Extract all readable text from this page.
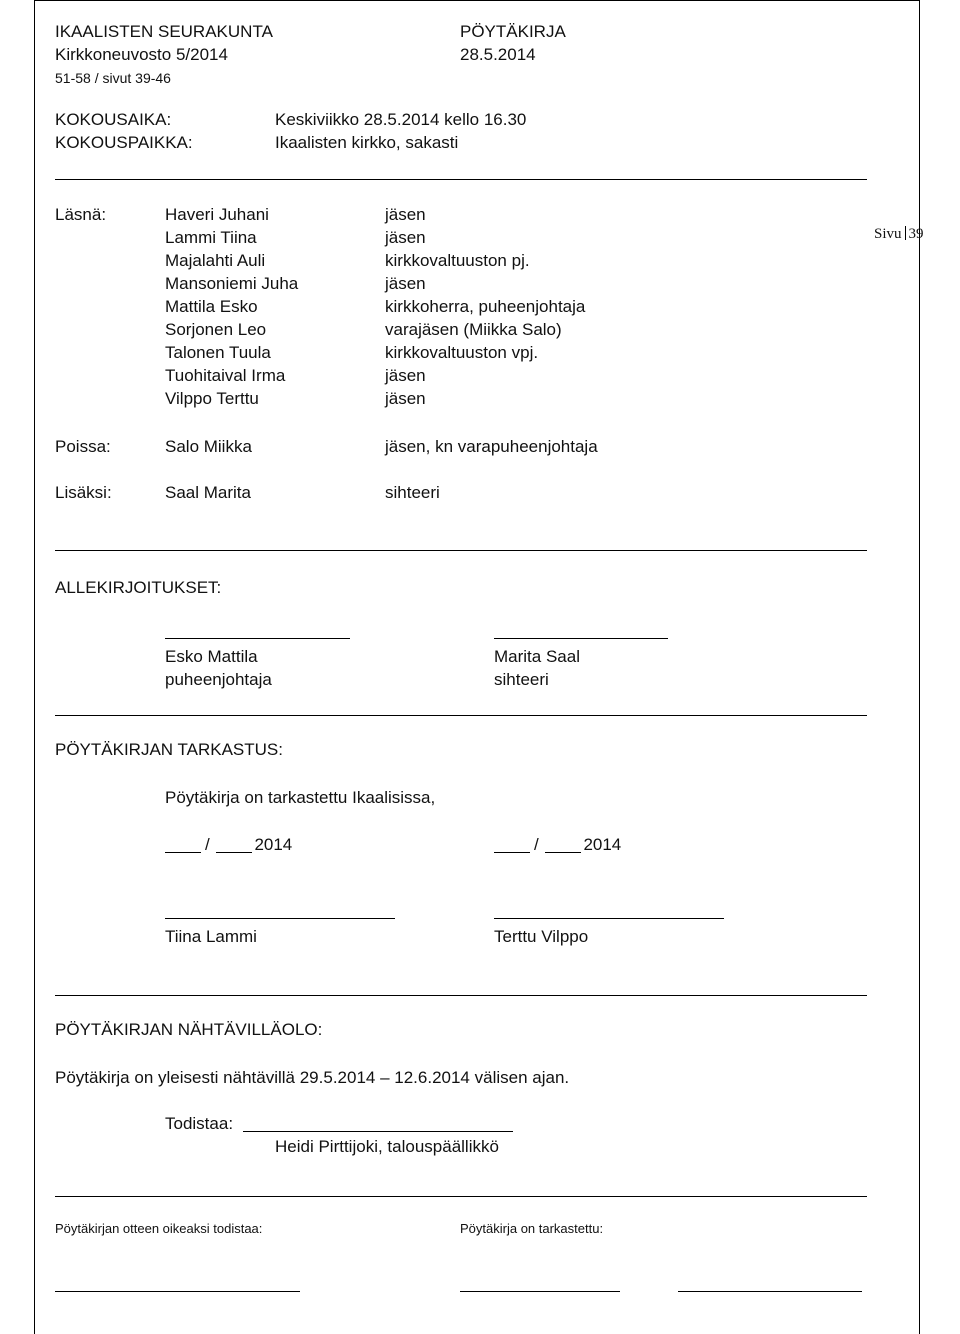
IKAALISTEN SEURAKUNTA	PÖYTÄKIRJA
Kirkkoneuvosto 5/2014	28.5.2014
51-58 / sivut 39-46
KOKOUSAIKA:	Keskiviikko 28.5.2014 kello 16.30
KOKOUSPAIKKA:	Ikaalisten kirkko, sakasti
Sivu 39
Läsnä:	Haveri Juhani	jäsen
Lammi Tiina	jäsen
Majalahti Auli	kirkkovaltuuston pj.
Mansoniemi Juha	jäsen
Mattila Esko	kirkkoherra, puheenjohtaja
Sorjonen Leo	varajäsen (Miikka Salo)
Talonen Tuula	kirkkovaltuuston vpj.
Tuohitaival Irma	jäsen
Vilppo Terttu	jäsen
Poissa:	Salo Miikka	jäsen, kn varapuheenjohtaja
Lisäksi:	Saal Marita	sihteeri
ALLEKIRJOITUKSET:
Esko Mattila
puheenjohtaja
Marita Saal
sihteeri
PÖYTÄKIRJAN TARKASTUS:
Pöytäkirja on tarkastettu Ikaalisissa,
/ 2014	/ 2014
Tiina Lammi	Terttu Vilppo
PÖYTÄKIRJAN NÄHTÄVILLÄOLO:
Pöytäkirja on yleisesti nähtävillä 29.5.2014 – 12.6.2014 välisen ajan.
Todistaa:
Heidi Pirttijoki, talouspäällikkö
Pöytäkirjan otteen oikeaksi todistaa:	Pöytäkirja on tarkastettu:
